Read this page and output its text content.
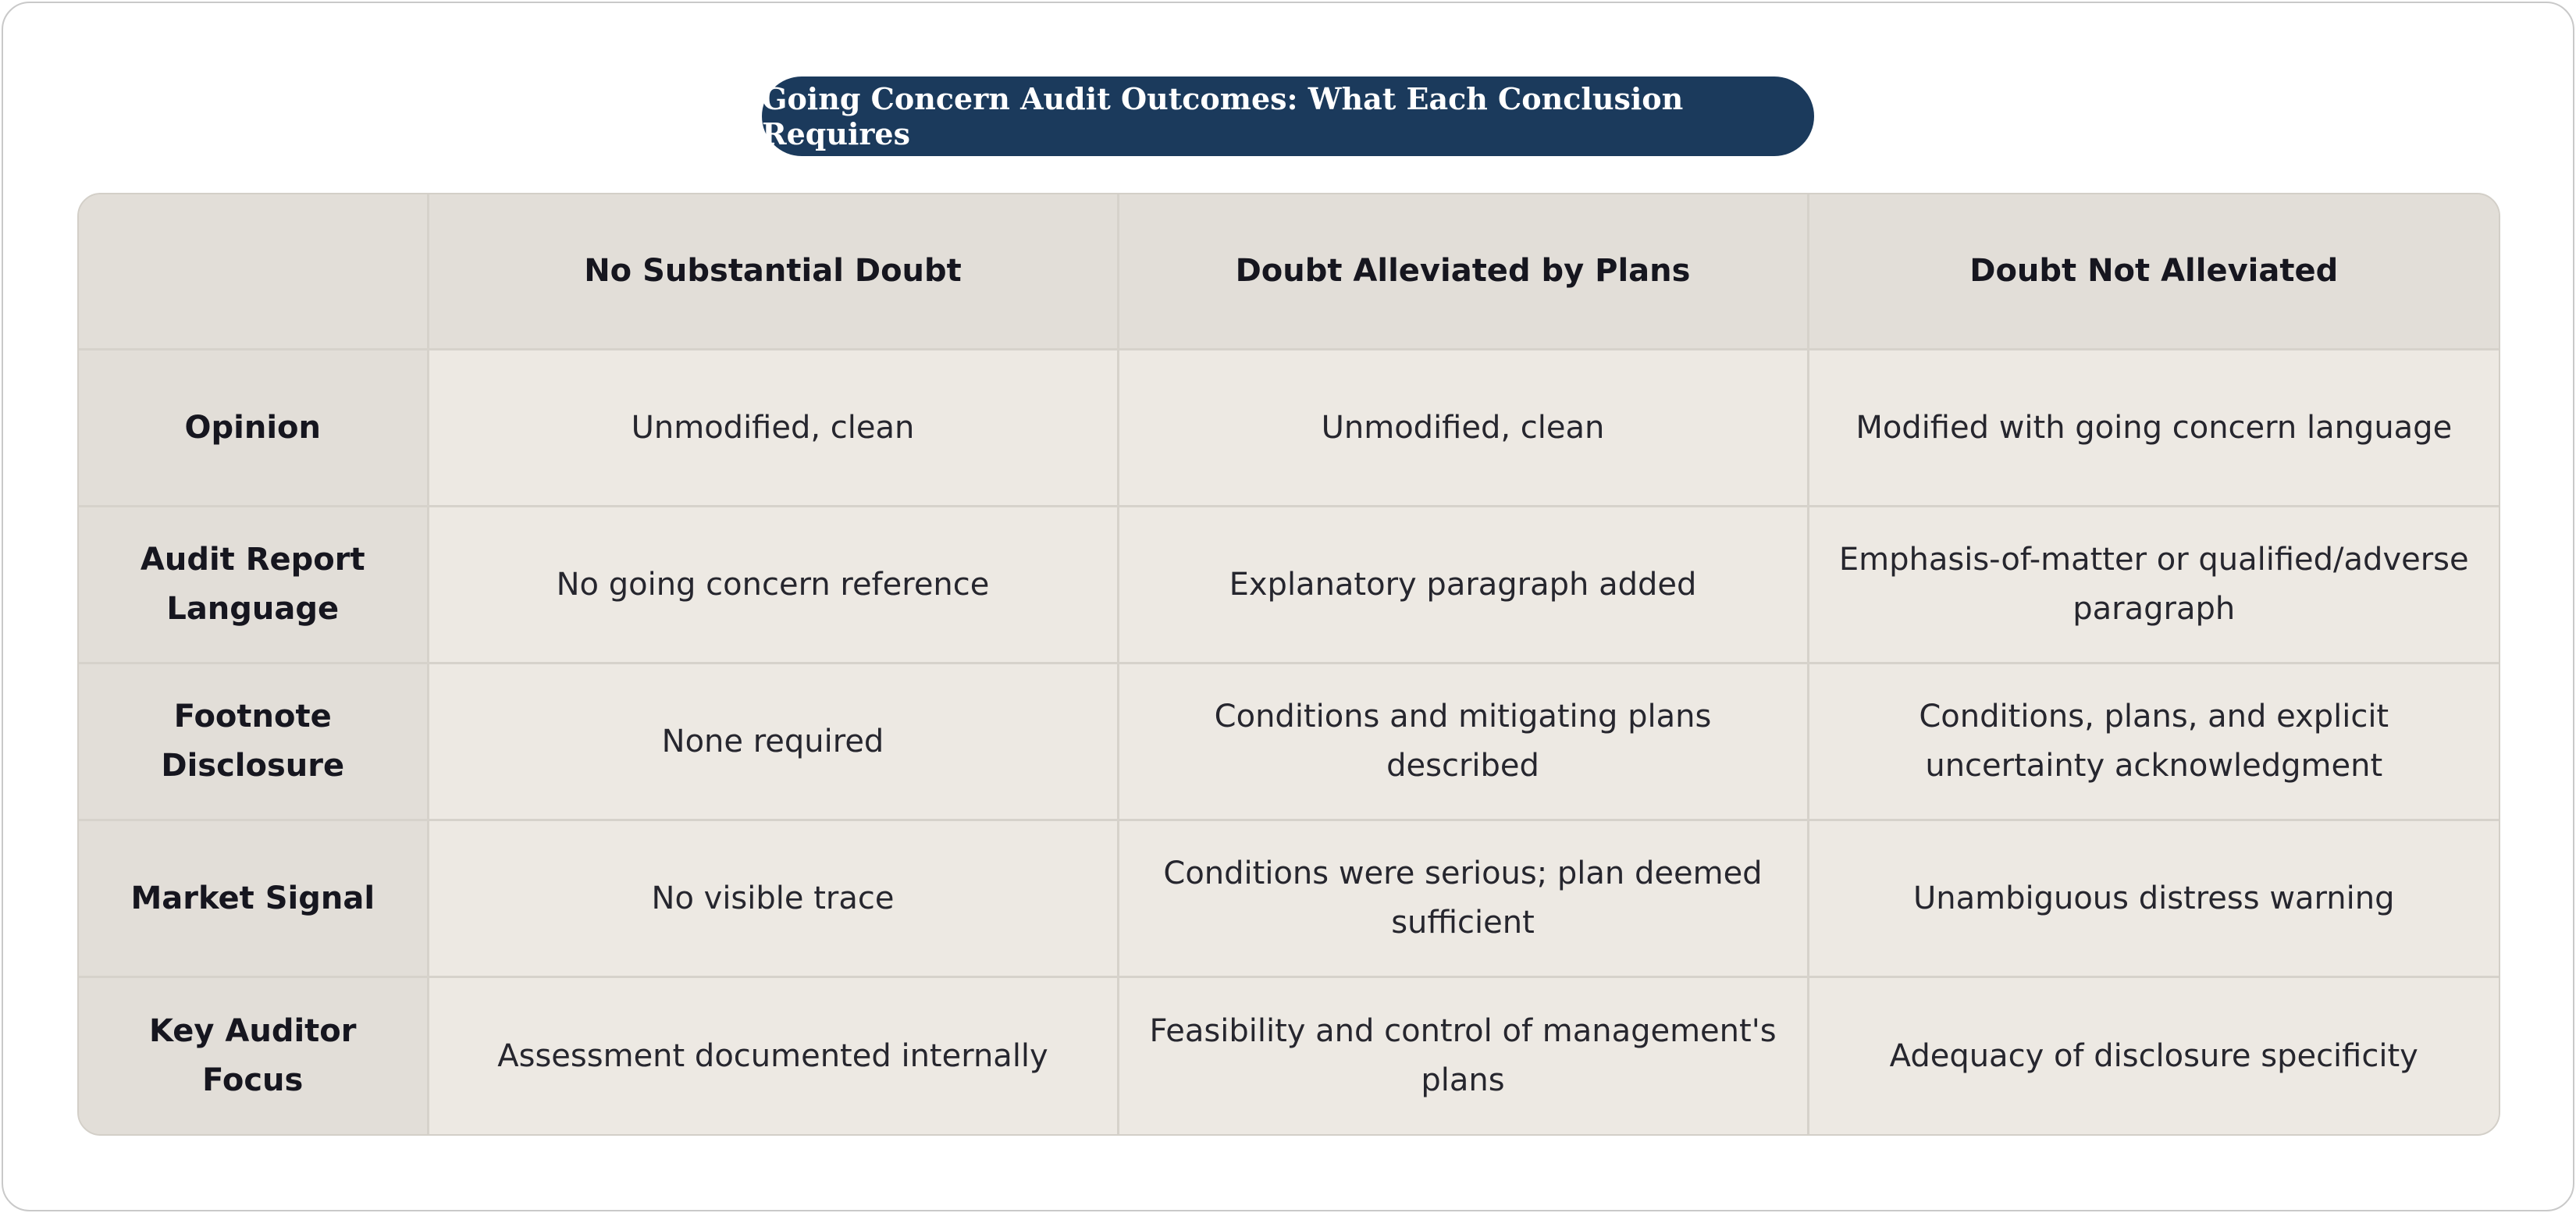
Going Concern Audit Outcomes: What Each Conclusion Requires
	No Substantial Doubt	Doubt Alleviated by Plans	Doubt Not Alleviated
Opinion	Unmodified, clean	Unmodified, clean	Modified with going concern language
Audit Report Language	No going concern reference	Explanatory paragraph added	Emphasis-of-matter or qualified/adverse paragraph
Footnote Disclosure	None required	Conditions and mitigating plans described	Conditions, plans, and explicit uncertainty acknowledgment
Market Signal	No visible trace	Conditions were serious; plan deemed sufficient	Unambiguous distress warning
Key Auditor Focus	Assessment documented internally	Feasibility and control of management's plans	Adequacy of disclosure specificity
